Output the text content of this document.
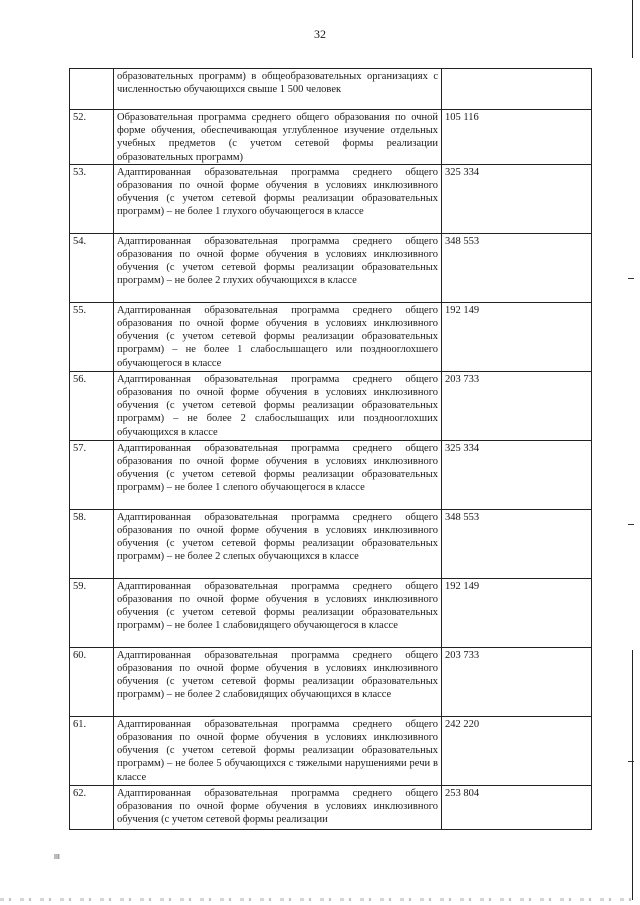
32
	образовательных программ) в общеобразовательных организациях с численностью обучающихся свыше 1 500 человек	
52.	Образовательная программа среднего общего образования по очной форме обучения, обеспечивающая углубленное изучение отдельных учебных предметов (с учетом сетевой формы реализации образовательных программ)	105 116
53.	Адаптированная образовательная программа среднего общего образования по очной форме обучения в условиях инклюзивного обучения (с учетом сетевой формы реализации образовательных программ) – не более 1 глухого обучающегося в классе	325 334
54.	Адаптированная образовательная программа среднего общего образования по очной форме обучения в условиях инклюзивного обучения (с учетом сетевой формы реализации образовательных программ) – не более 2 глухих обучающихся в классе	348 553
55.	Адаптированная образовательная программа среднего общего образования по очной форме обучения в условиях инклюзивного обучения (с учетом сетевой формы реализации образовательных программ) – не более 1 слабослышащего или позднооглохшего обучающегося в классе	192 149
56.	Адаптированная образовательная программа среднего общего образования по очной форме обучения в условиях инклюзивного обучения (с учетом сетевой формы реализации образовательных программ) – не более 2 слабослышащих или позднооглохших обучающихся в классе	203 733
57.	Адаптированная образовательная программа среднего общего образования по очной форме обучения в условиях инклюзивного обучения (с учетом сетевой формы реализации образовательных программ) – не более 1 слепого обучающегося в классе	325 334
58.	Адаптированная образовательная программа среднего общего образования по очной форме обучения в условиях инклюзивного обучения (с учетом сетевой формы реализации образовательных программ) – не более 2 слепых обучающихся в классе	348 553
59.	Адаптированная образовательная программа среднего общего образования по очной форме обучения в условиях инклюзивного обучения (с учетом сетевой формы реализации образовательных программ) – не более 1 слабовидящего обучающегося в классе	192 149
60.	Адаптированная образовательная программа среднего общего образования по очной форме обучения в условиях инклюзивного обучения (с учетом сетевой формы реализации образовательных программ) – не более 2 слабовидящих обучающихся в классе	203 733
61.	Адаптированная образовательная программа среднего общего образования по очной форме обучения в условиях инклюзивного обучения (с учетом сетевой формы реализации образовательных программ) – не более 5 обучающихся с тяжелыми нарушениями речи в классе	242 220
62.	Адаптированная образовательная программа среднего общего образования по очной форме обучения в условиях инклюзивного обучения (с учетом сетевой формы реализации	253 804
III
